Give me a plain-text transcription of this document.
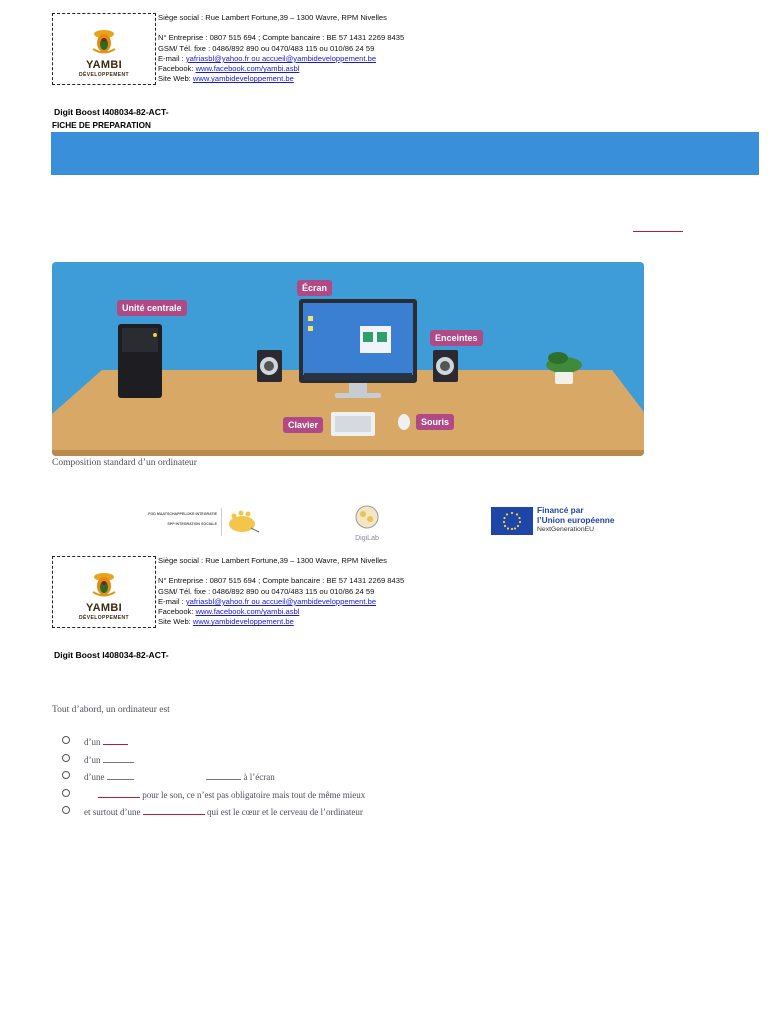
YAMBI
DÉVELOPPEMENT
Siège social : Rue Lambert Fortune,39 – 1300 Wavre, RPM Nivelles
N° Entreprise : 0807 515 694 ; Compte bancaire : BE 57 1431 2269 8435
GSM/ Tél. fixe : 0486/892 890 ou 0470/483 115 ou 010/86 24 59
E-mail : yafriasbl@yahoo.fr ou accueil@yambideveloppement.be
Facebook: www.facebook.com/yambi.asbl
Site Web: www.yambideveloppement.be
Digit Boost I408034-82-ACT-
FICHE DE PREPARATION
Unité centrale
Écran
Enceintes
Clavier	Souris
Composition standard d’un ordinateur
FOD MAATSCHAPPELIJKE INTEGRATIE
SPP INTEGRATION SOCIALE
DigiLab
Financé par
l’Union européenne
NextGenerationEU
YAMBI
DÉVELOPPEMENT
Siège social : Rue Lambert Fortune,39 – 1300 Wavre, RPM Nivelles
N° Entreprise : 0807 515 694 ; Compte bancaire : BE 57 1431 2269 8435
GSM/ Tél. fixe : 0486/892 890 ou 0470/483 115 ou 010/86 24 59
E-mail : yafriasbl@yahoo.fr ou accueil@yambideveloppement.be
Facebook: www.facebook.com/yambi.asbl
Site Web: www.yambideveloppement.be
Digit Boost I408034-82-ACT-
Tout d’abord, un ordinateur est
d’un
d’un
d’une	à l’écran
pour le son, ce n’est pas obligatoire mais tout de même mieux
et surtout d’une	qui est le cœur et le cerveau de l’ordinateur
